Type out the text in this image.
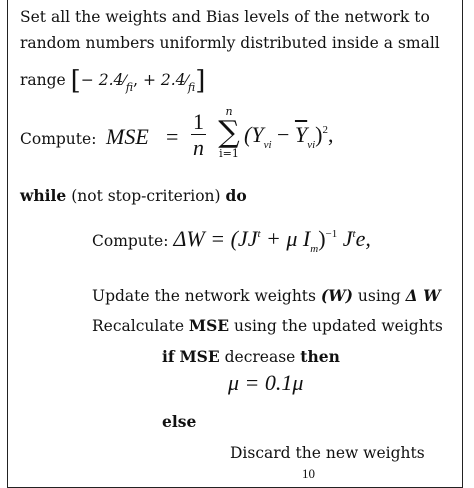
Set all the weights and Bias levels of the network to
random numbers uniformly distributed inside a small
range [− $2.4⁄_{fi}$, + $2.4⁄_{fi}$]
Compute: MSE = $\frac{1}{n}$	n
∑
i=1
$(Y_{vi} - \overline{Y}_{vi})^2$,
while (not stop-criterion) do
Compute: $\Delta W = (JJ^t + \mu$ $I_m)^{-1}$ $J^te$,
Update the network weights (W) using Δ W
Recalculate MSE using the updated weights
if MSE decrease then
μ = 0.1μ
else
Discard the new weights
10
